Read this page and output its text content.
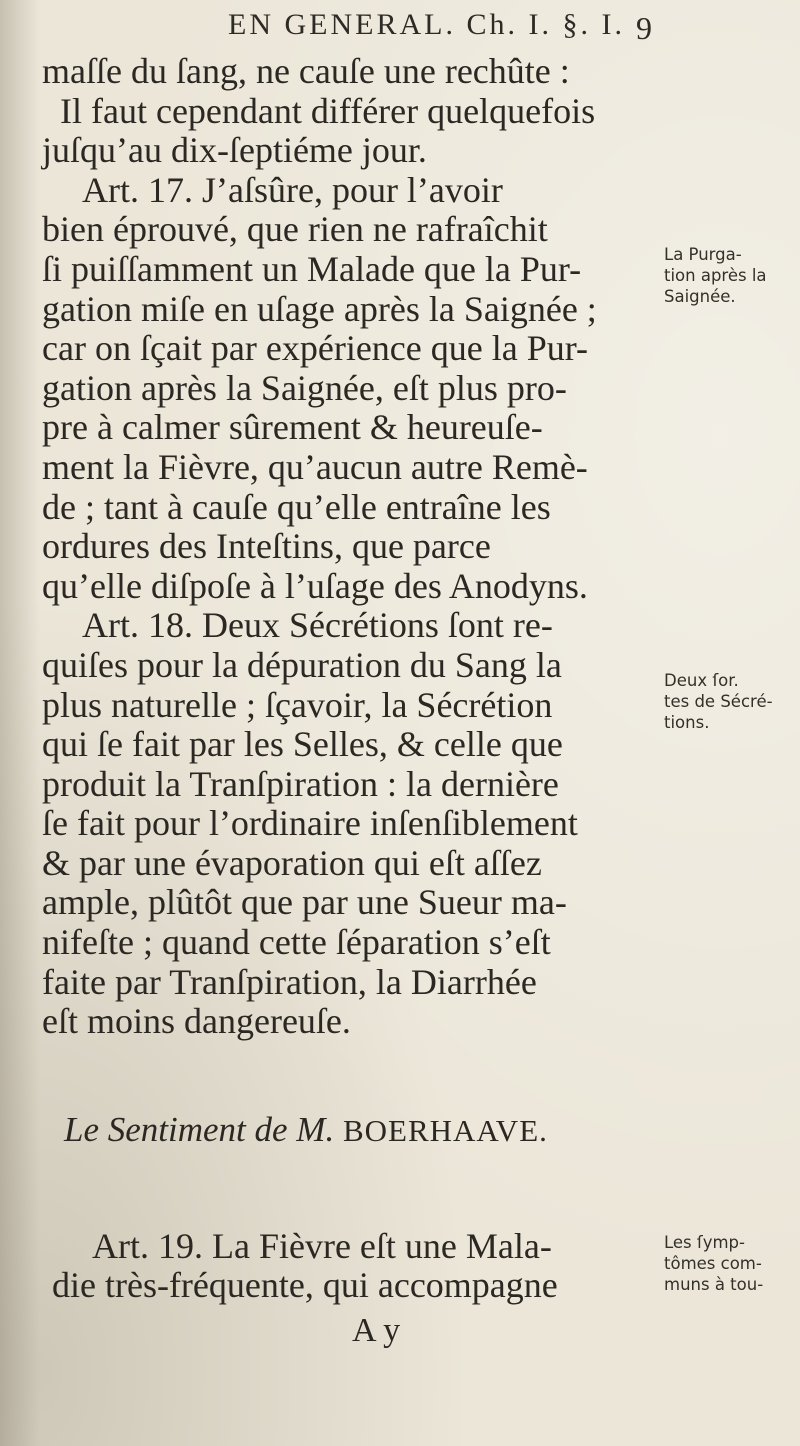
EN GENERAL. Ch. I. §. I. 9
maſſe du ſang, ne cauſe une rechûte :
Il faut cependant différer quelquefois
juſqu’au dix-ſeptiéme jour.
Art. 17. J’aſsûre, pour l’avoir
bien éprouvé, que rien ne rafraîchit
ſi puiſſamment un Malade que la Pur-
gation miſe en uſage après la Saignée ;
car on ſçait par expérience que la Pur-
gation après la Saignée, eſt plus pro-
pre à calmer sûrement & heureuſe-
ment la Fièvre, qu’aucun autre Remè-
de ; tant à cauſe qu’elle entraîne les
ordures des Inteſtins, que parce
qu’elle diſpoſe à l’uſage des Anodyns.
Art. 18. Deux Sécrétions ſont re-
quiſes pour la dépuration du Sang la
plus naturelle ; ſçavoir, la Sécrétion
qui ſe fait par les Selles, & celle que
produit la Tranſpiration : la dernière
ſe fait pour l’ordinaire inſenſiblement
& par une évaporation qui eſt aſſez
ample, plûtôt que par une Sueur ma-
nifeſte ; quand cette ſéparation s’eſt
faite par Tranſpiration, la Diarrhée
eſt moins dangereuſe.
Le Sentiment de M. BOERHAAVE.
Art. 19. La Fièvre eſt une Mala-
die très-fréquente, qui accompagne
A y
La Purga-
tion après la
Saignée.
Deux ſor.
tes de Sécré-
tions.
Les ſymp-
tômes com-
muns à tou-
